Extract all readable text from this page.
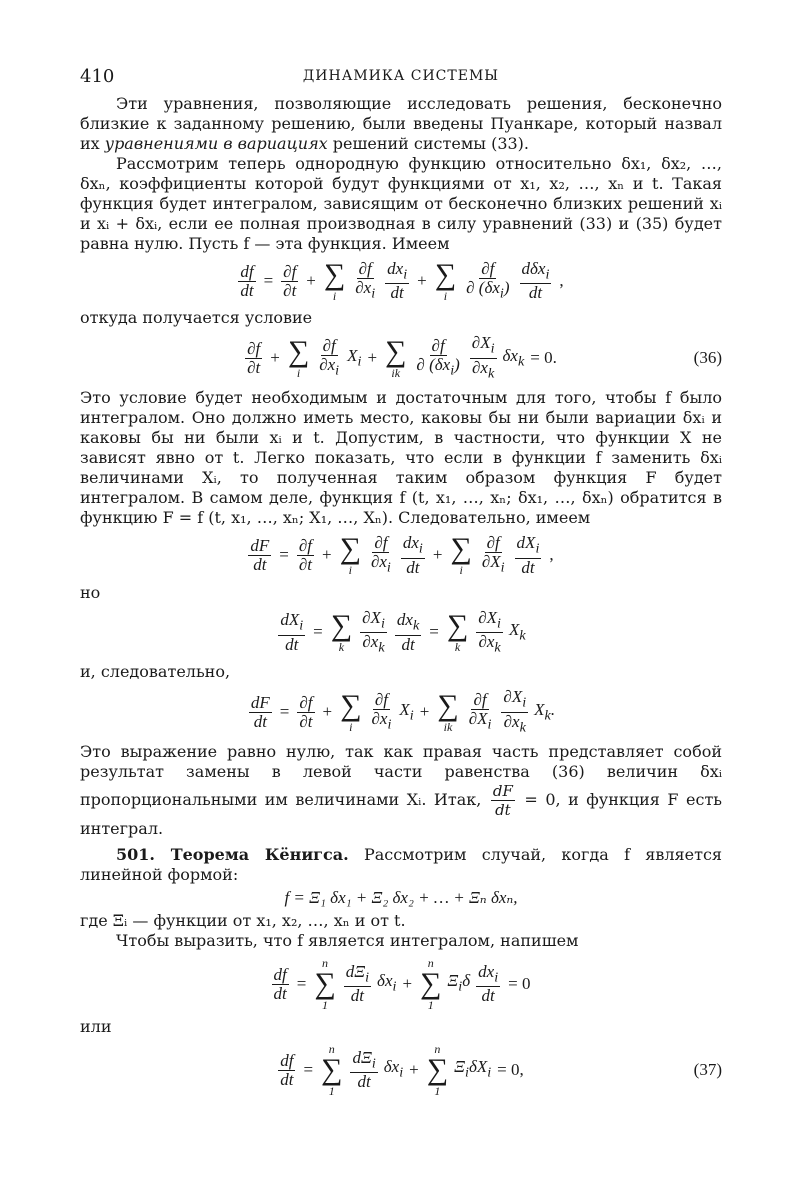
410	ДИНАМИКА СИСТЕМЫ

Эти уравнения, позволяющие исследовать решения, бесконечно близкие к заданному решению, были введены Пуанкаре, который назвал их уравнениями в вариациях решений системы (33).

Рассмотрим теперь однородную функцию относительно δx₁, δx₂, …, δxₙ, коэффициенты которой будут функциями от x₁, x₂, …, xₙ и t. Такая функция будет интегралом, зависящим от бесконечно близких решений xᵢ и xᵢ + δxᵢ, если ее полная производная в силу уравнений (33) и (35) будет равна нулю. Пусть f — эта функция. Имеем

$\frac{df}{dt} = \frac{\partial f}{\partial t}$ + ∑
i $\frac{\partial f}{\partial x_i} \frac{dx_i}{dt}$ + ∑
i $\frac{\partial f}{\partial (\delta x_i)} \frac{d\delta x_i}{dt}$ ,

откуда получается условие

$\frac{\partial f}{\partial t}$ + ∑
i $\frac{\partial f}{\partial x_i} X_i$ + ∑
ik $\frac{\partial f}{\partial (\delta x_i)} \frac{\partial X_i}{\partial x_k} \delta x_k = 0$.	(36)

Это условие будет необходимым и достаточным для того, чтобы f было интегралом. Оно должно иметь место, каковы бы ни были вариации δxᵢ и каковы бы ни были xᵢ и t. Допустим, в частности, что функции X не зависят явно от t. Легко показать, что если в функции f заменить δxᵢ величинами Xᵢ, то полученная таким образом функция F будет интегралом. В самом деле, функция f (t, x₁, …, xₙ; δx₁, …, δxₙ) обратится в функцию F = f (t, x₁, …, xₙ; X₁, …, Xₙ). Следовательно, имеем

$\frac{dF}{dt} = \frac{\partial f}{\partial t}$ + ∑
i $\frac{\partial f}{\partial x_i} \frac{dx_i}{dt}$ + ∑
i $\frac{\partial f}{\partial X_i} \frac{dX_i}{dt}$ ,

но

$\frac{dX_i}{dt}$ = ∑
k $\frac{\partial X_i}{\partial x_k} \frac{dx_k}{dt}$ = ∑
k $\frac{\partial X_i}{\partial x_k} X_k$

и, следовательно,

$\frac{dF}{dt} = \frac{\partial f}{\partial t}$ + ∑
i $\frac{\partial f}{\partial x_i} X_i$ + ∑
ik $\frac{\partial f}{\partial X_i} \frac{\partial X_i}{\partial x_k} X_k$.

Это выражение равно нулю, так как правая часть представляет собой результат замены в левой части равенства (36) величин δxᵢ пропорциональными им величинами Xᵢ. Итак, $\frac{dF}{dt} = 0$, и функция F есть интеграл.

501. Теорема Кёнигса. Рассмотрим случай, когда f является линейной формой:

f = Ξ₁ δx₁ + Ξ₂ δx₂ + … + Ξₙ δxₙ,

где Ξᵢ — функции от x₁, x₂, …, xₙ и от t.

Чтобы выразить, что f является интегралом, напишем

$\frac{df}{dt}$ =
n
∑
$1 \frac{d\Xi_i}{dt} \delta x_i$ +
n
∑
1
$\Xi_i\delta \frac{dx_i}{dt} = 0$

или

$\frac{df}{dt}$ =
n
∑
$1 \frac{d\Xi_i}{dt} \delta x_i$ +
n
∑
1
$\Xi_i\delta X_i = 0$,	(37)
